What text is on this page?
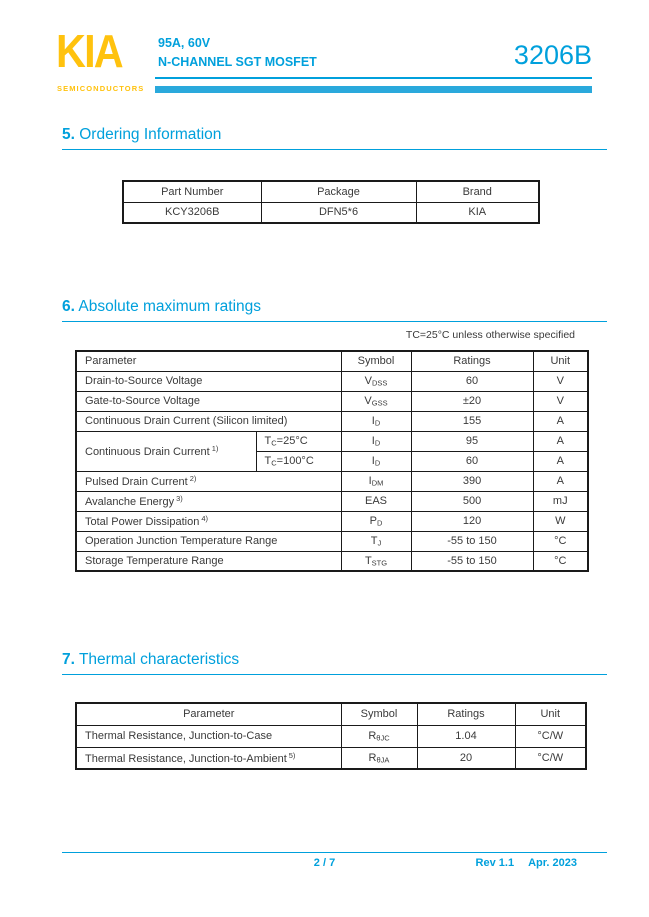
KIA
SEMICONDUCTORS
95A, 60V
N-CHANNEL SGT MOSFET	3206B
5. Ordering Information
Part Number	Package	Brand
KCY3206B	DFN5*6	KIA
6. Absolute maximum ratings
TC=25°C unless otherwise specified
Parameter		Symbol	Ratings	Unit
Drain-to-Source Voltage		$V_{DSS}$	60	V
Gate-to-Source Voltage		$V_{GSS}$	±20	V
Continuous Drain Current (Silicon limited)		$I_D$	155	A
Continuous Drain Current $^{1)}$	$T_C=25^\circ C$	$I_D$	95	A
	$T_C=100^\circ C$	$I_D$	60	A
Pulsed Drain Current $^{2)}$		$I_{DM}$	390	A
Avalanche Energy $^{3)}$		EAS	500	mJ
Total Power Dissipation $^{4)}$		$P_D$	120	W
Operation Junction Temperature Range		$T_J$	-55 to 150	°C
Storage Temperature Range		$T_{STG}$	-55 to 150	°C
7. Thermal characteristics
Parameter	Symbol	Ratings	Unit
Thermal Resistance, Junction-to-Case	$R_{\theta JC}$	1.04	°C/W
Thermal Resistance, Junction-to-Ambient $^{5)}$	$R_{\theta JA}$	20	°C/W
2 / 7	Rev 1.1 Apr. 2023
